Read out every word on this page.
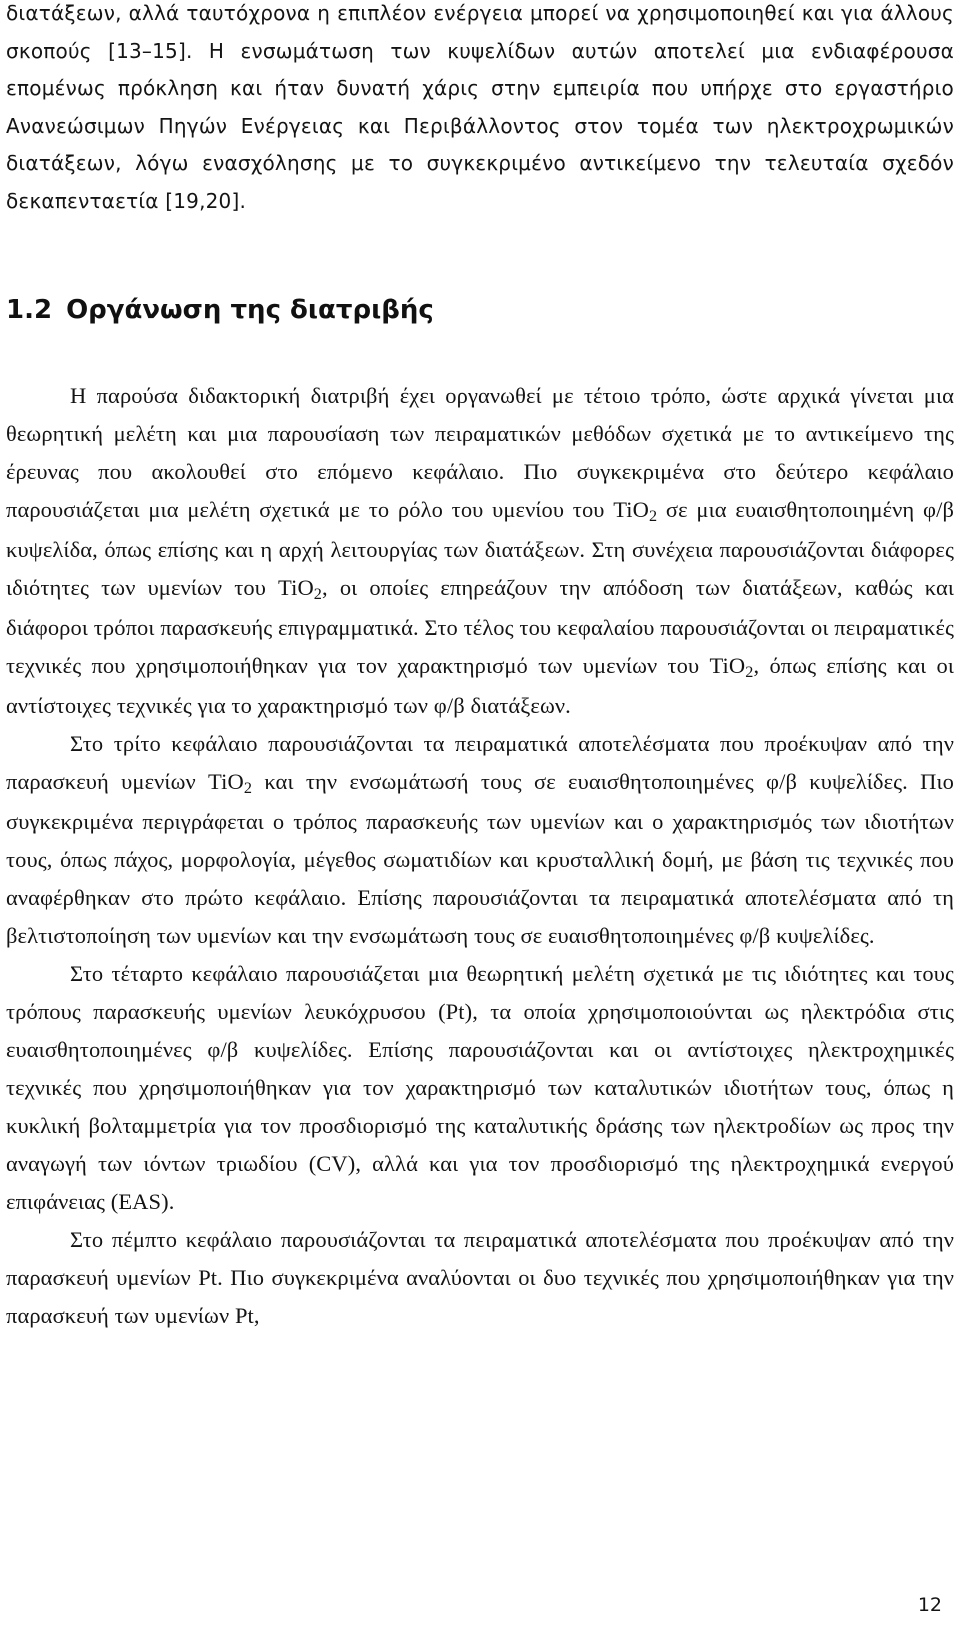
διατάξεων, αλλά ταυτόχρονα η επιπλέον ενέργεια μπορεί να χρησιμοποιηθεί και για άλλους σκοπούς [13–15]. Η ενσωμάτωση των κυψελίδων αυτών αποτελεί μια ενδιαφέρουσα επομένως πρόκληση και ήταν δυνατή χάρις στην εμπειρία που υπήρχε στο εργαστήριο Ανανεώσιμων Πηγών Ενέργειας και Περιβάλλοντος στον τομέα των ηλεκτροχρωμικών διατάξεων, λόγω ενασχόλησης με το συγκεκριμένο αντικείμενο την τελευταία σχεδόν δεκαπενταετία [19,20].

1.2 Οργάνωση της διατριβής

Η παρούσα διδακτορική διατριβή έχει οργανωθεί με τέτοιο τρόπο, ώστε αρχικά γίνεται μια θεωρητική μελέτη και μια παρουσίαση των πειραματικών μεθόδων σχετικά με το αντικείμενο της έρευνας που ακολουθεί στο επόμενο κεφάλαιο. Πιο συγκεκριμένα στο δεύτερο κεφάλαιο παρουσιάζεται μια μελέτη σχετικά με το ρόλο του υμενίου του TiO$_2$ σε μια ευαισθητοποιημένη φ/β κυψελίδα, όπως επίσης και η αρχή λειτουργίας των διατάξεων. Στη συνέχεια παρουσιάζονται διάφορες ιδιότητες των υμενίων του TiO$_2$, οι οποίες επηρεάζουν την απόδοση των διατάξεων, καθώς και διάφοροι τρόποι παρασκευής επιγραμματικά. Στο τέλος του κεφαλαίου παρουσιάζονται οι πειραματικές τεχνικές που χρησιμοποιήθηκαν για τον χαρακτηρισμό των υμενίων του TiO$_2$, όπως επίσης και οι αντίστοιχες τεχνικές για το χαρακτηρισμό των φ/β διατάξεων.

Στο τρίτο κεφάλαιο παρουσιάζονται τα πειραματικά αποτελέσματα που προέκυψαν από την παρασκευή υμενίων TiO$_2$ και την ενσωμάτωσή τους σε ευαισθητοποιημένες φ/β κυψελίδες. Πιο συγκεκριμένα περιγράφεται ο τρόπος παρασκευής των υμενίων και ο χαρακτηρισμός των ιδιοτήτων τους, όπως πάχος, μορφολογία, μέγεθος σωματιδίων και κρυσταλλική δομή, με βάση τις τεχνικές που αναφέρθηκαν στο πρώτο κεφάλαιο. Επίσης παρουσιάζονται τα πειραματικά αποτελέσματα από τη βελτιστοποίηση των υμενίων και την ενσωμάτωση τους σε ευαισθητοποιημένες φ/β κυψελίδες.

Στο τέταρτο κεφάλαιο παρουσιάζεται μια θεωρητική μελέτη σχετικά με τις ιδιότητες και τους τρόπους παρασκευής υμενίων λευκόχρυσου (Pt), τα οποία χρησιμοποιούνται ως ηλεκτρόδια στις ευαισθητοποιημένες φ/β κυψελίδες. Επίσης παρουσιάζονται και οι αντίστοιχες ηλεκτροχημικές τεχνικές που χρησιμοποιήθηκαν για τον χαρακτηρισμό των καταλυτικών ιδιοτήτων τους, όπως η κυκλική βολταμμετρία για τον προσδιορισμό της καταλυτικής δράσης των ηλεκτροδίων ως προς την αναγωγή των ιόντων τριωδίου (CV), αλλά και για τον προσδιορισμό της ηλεκτροχημικά ενεργού επιφάνειας (EAS).

Στο πέμπτο κεφάλαιο παρουσιάζονται τα πειραματικά αποτελέσματα που προέκυψαν από την παρασκευή υμενίων Pt. Πιο συγκεκριμένα αναλύονται οι δυο τεχνικές που χρησιμοποιήθηκαν για την παρασκευή των υμενίων Pt,

12
